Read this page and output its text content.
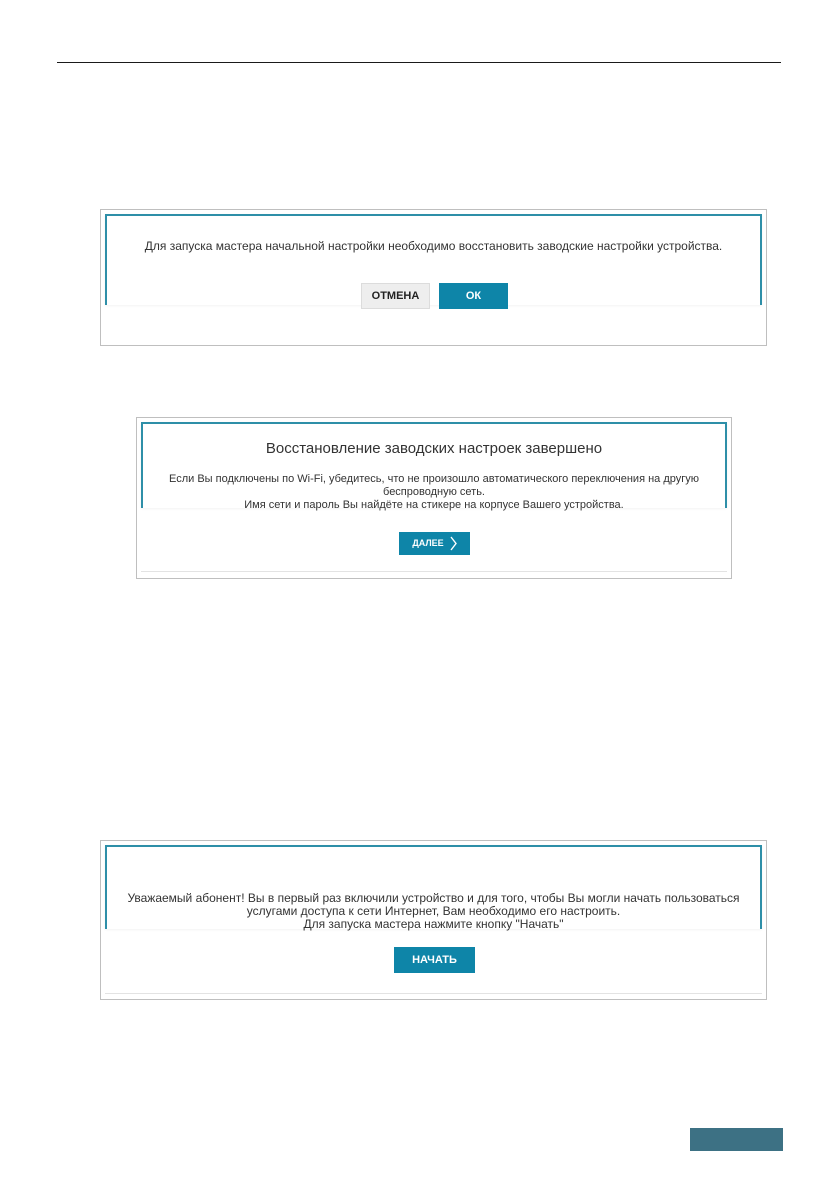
Для запуска мастера начальной настройки необходимо восстановить заводские настройки устройства.
ОТМЕНА	ОК
Восстановление заводских настроек завершено
Если Вы подключены по Wi-Fi, убедитесь, что не произошло автоматического переключения на другую
беспроводную сеть.
Имя сети и пароль Вы найдёте на стикере на корпусе Вашего устройства.
ДАЛЕЕ
Уважаемый абонент! Вы в первый раз включили устройство и для того, чтобы Вы могли начать пользоваться
услугами доступа к сети Интернет, Вам необходимо его настроить.
Для запуска мастера нажмите кнопку "Начать"
НАЧАТЬ
